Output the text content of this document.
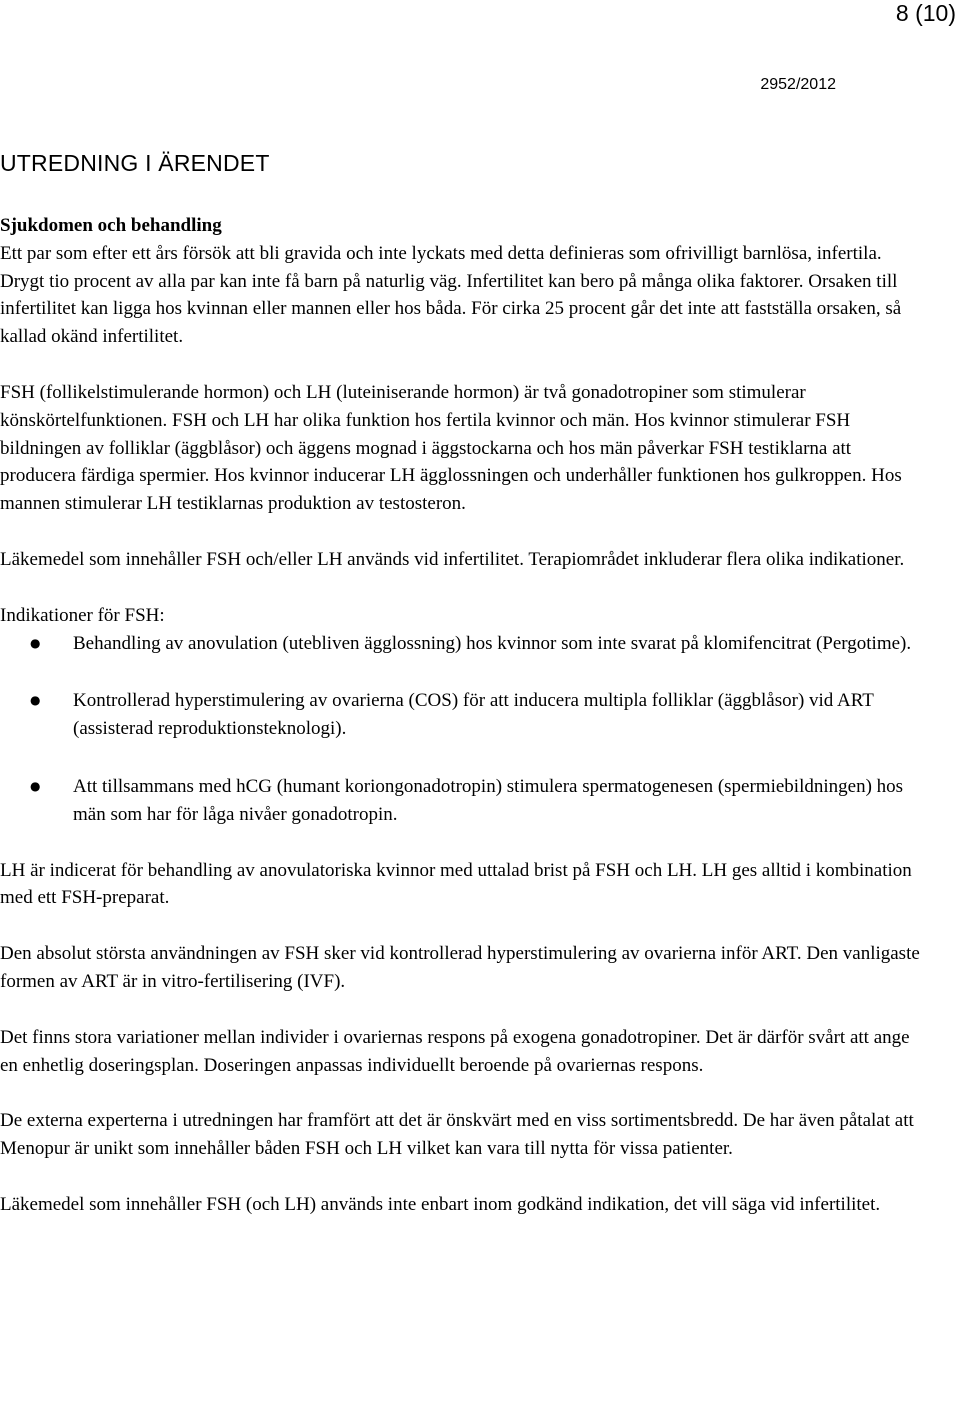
8 (10)
2952/2012
UTREDNING I ÄRENDET

Sjukdomen och behandling

Ett par som efter ett års försök att bli gravida och inte lyckats med detta definieras som ofrivilligt barnlösa, infertila. Drygt tio procent av alla par kan inte få barn på naturlig väg. Infertilitet kan bero på många olika faktorer. Orsaken till infertilitet kan ligga hos kvinnan eller mannen eller hos båda. För cirka 25 procent går det inte att fastställa orsaken, så kallad okänd infertilitet.

FSH (follikelstimulerande hormon) och LH (luteiniserande hormon) är två gonadotropiner som stimulerar könskörtelfunktionen. FSH och LH har olika funktion hos fertila kvinnor och män. Hos kvinnor stimulerar FSH bildningen av folliklar (äggblåsor) och äggens mognad i äggstockarna och hos män påverkar FSH testiklarna att producera färdiga spermier. Hos kvinnor inducerar LH ägglossningen och underhåller funktionen hos gulkroppen. Hos mannen stimulerar LH testiklarnas produktion av testosteron.

Läkemedel som innehåller FSH och/eller LH används vid infertilitet. Terapiområdet inkluderar flera olika indikationer.

Indikationer för FSH:

● Behandling av anovulation (utebliven ägglossning) hos kvinnor som inte svarat på klomifencitrat (Pergotime).
● Kontrollerad hyperstimulering av ovarierna (COS) för att inducera multipla folliklar (äggblåsor) vid ART (assisterad reproduktionsteknologi).
● Att tillsammans med hCG (humant koriongonadotropin) stimulera spermatogenesen (spermiebildningen) hos män som har för låga nivåer gonadotropin.

LH är indicerat för behandling av anovulatoriska kvinnor med uttalad brist på FSH och LH. LH ges alltid i kombination med ett FSH-preparat.

Den absolut största användningen av FSH sker vid kontrollerad hyperstimulering av ovarierna inför ART. Den vanligaste formen av ART är in vitro-fertilisering (IVF).

Det finns stora variationer mellan individer i ovariernas respons på exogena gonadotropiner. Det är därför svårt att ange en enhetlig doseringsplan. Doseringen anpassas individuellt beroende på ovariernas respons.

De externa experterna i utredningen har framfört att det är önskvärt med en viss sortimentsbredd. De har även påtalat att Menopur är unikt som innehåller båden FSH och LH vilket kan vara till nytta för vissa patienter.

Läkemedel som innehåller FSH (och LH) används inte enbart inom godkänd indikation, det vill säga vid infertilitet.
